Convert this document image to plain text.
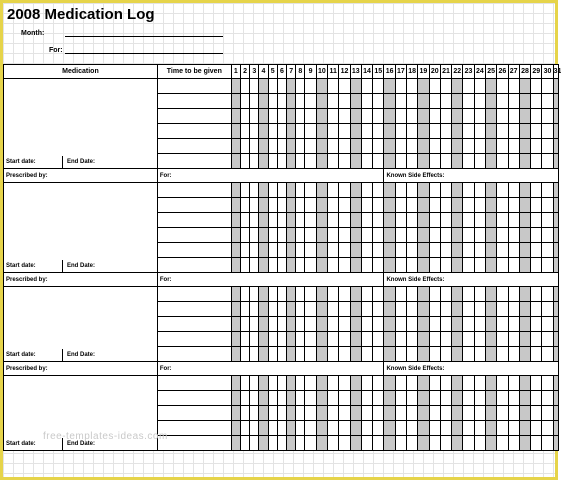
2008 Medication Log
Month:
For:
Medication	Time to be given	1	2	3	4	5	6	7	8	9	10	11	12	13	14	15	16	17	18	19	20	21	22	23	24	25	26	27	28	29	30	31

Start date: End Date:																																

Prescribed by:	For:																Known Side Effects:															

Start date: End Date:																																

Prescribed by:	For:																Known Side Effects:															

Start date: End Date:																																

Prescribed by:	For:																Known Side Effects:															

Start date: End Date:																																

free-templates-ideas.com
